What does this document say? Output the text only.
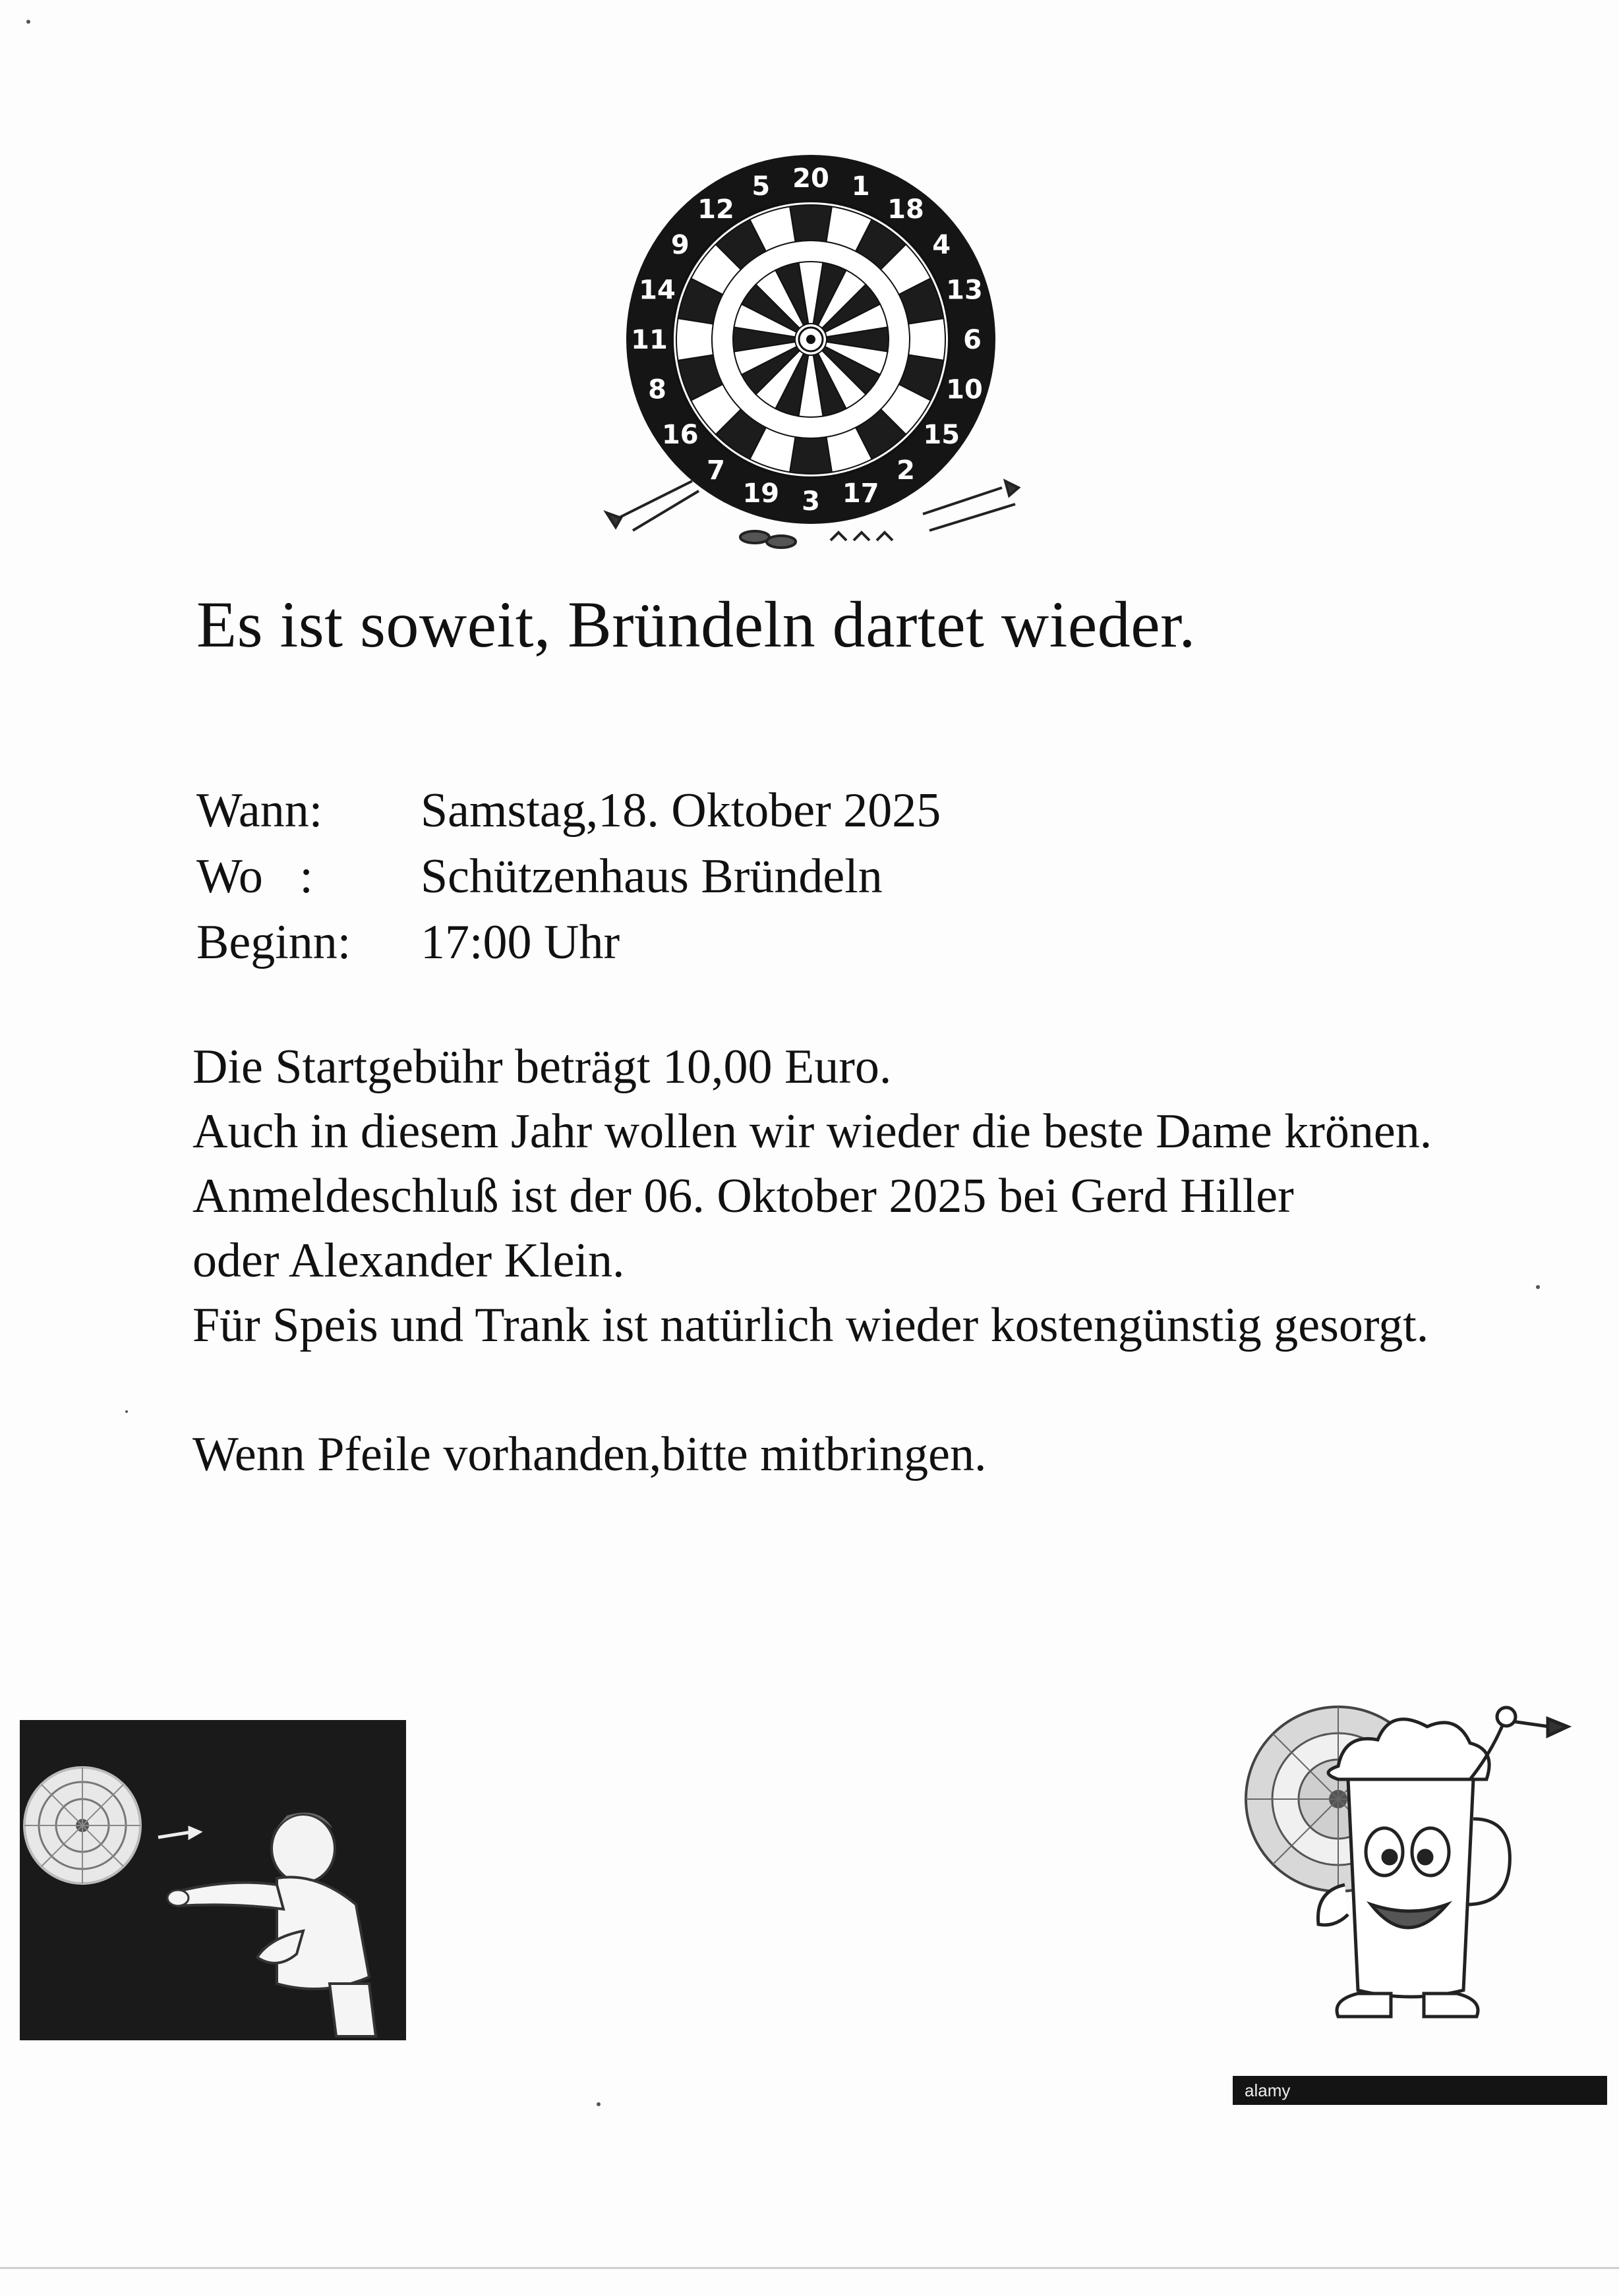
20 1
18
4
13
6
10
15
2
17
3
19
7
16
8
11
14
9
12
5
Es ist soweit, Bründeln dartet wieder.
Wann:	Samstag,18. Oktober 2025
Wo   :	Schützenhaus Bründeln
Beginn:	17:00 Uhr
Die Startgebühr beträgt 10,00 Euro.
Auch in diesem Jahr wollen wir wieder die beste Dame krönen.
Anmeldeschluß ist der 06. Oktober 2025 bei Gerd Hiller
oder Alexander Klein.
Für Speis und Trank ist natürlich wieder kostengünstig gesorgt.
Wenn Pfeile vorhanden,bitte mitbringen.
alamy
